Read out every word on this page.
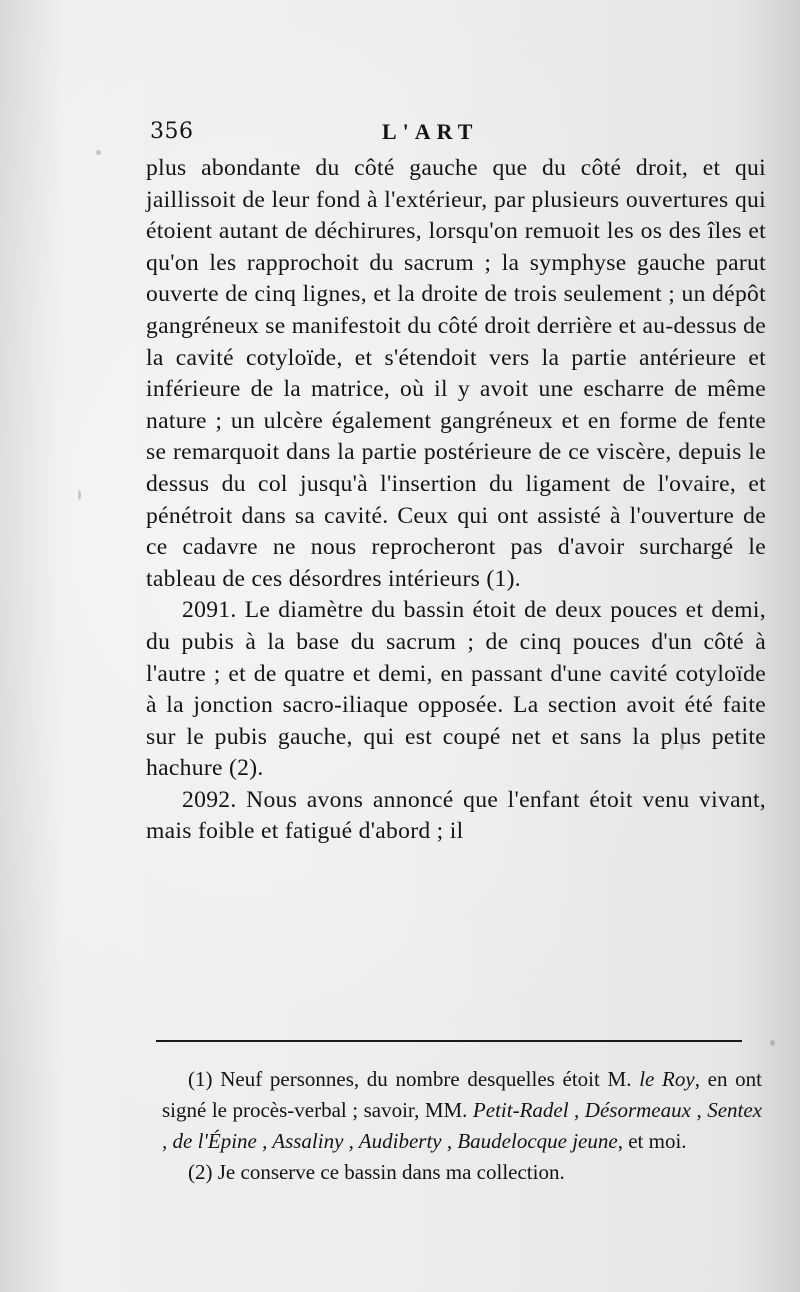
356	L'ART

plus abondante du côté gauche que du côté droit, et qui jaillissoit de leur fond à l'extérieur, par plusieurs ouvertures qui étoient autant de déchirures, lorsqu'on remuoit les os des îles et qu'on les rapprochoit du sacrum ; la symphyse gauche parut ouverte de cinq lignes, et la droite de trois seulement ; un dépôt gangréneux se manifestoit du côté droit derrière et au-dessus de la cavité cotyloïde, et s'étendoit vers la partie antérieure et inférieure de la matrice, où il y avoit une escharre de même nature ; un ulcère également gangréneux et en forme de fente se remarquoit dans la partie postérieure de ce viscère, depuis le dessus du col jusqu'à l'insertion du ligament de l'ovaire, et pénétroit dans sa cavité. Ceux qui ont assisté à l'ouverture de ce cadavre ne nous reprocheront pas d'avoir surchargé le tableau de ces désordres intérieurs (1).

2091. Le diamètre du bassin étoit de deux pouces et demi, du pubis à la base du sacrum ; de cinq pouces d'un côté à l'autre ; et de quatre et demi, en passant d'une cavité cotyloïde à la jonction sacro-iliaque opposée. La section avoit été faite sur le pubis gauche, qui est coupé net et sans la plus petite hachure (2).

2092. Nous avons annoncé que l'enfant étoit venu vivant, mais foible et fatigué d'abord ; il

(1) Neuf personnes, du nombre desquelles étoit M. le Roy, en ont signé le procès-verbal ; savoir, MM. Petit-Radel , Désormeaux , Sentex , de l'Épine , Assaliny , Audiberty , Baudelocque jeune, et moi.

(2) Je conserve ce bassin dans ma collection.
